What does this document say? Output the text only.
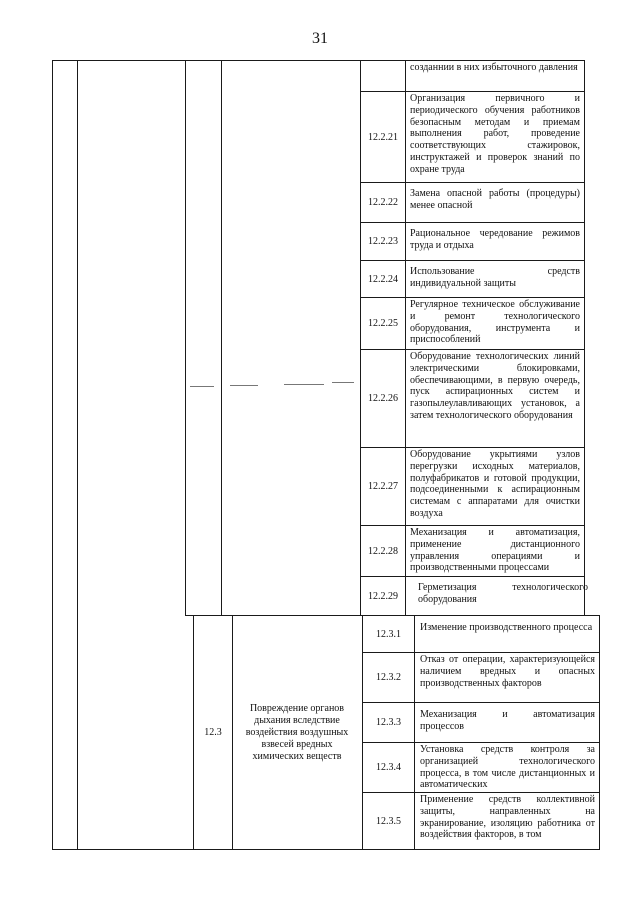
31
созданнии в них избыточного давления
12.2.21
Организация первичного и периодического обучения работников безопасным методам и приемам выполнения работ, проведение соответствующих стажировок, инструктажей и проверок знаний по охране труда
12.2.22
Замена опасной работы (процедуры) менее опасной
12.2.23
Рациональное чередование режимов труда и отдыха
12.2.24
Использование средств индивидуальной защиты
12.2.25
Регулярное техническое обслуживание и ремонт технологического оборудования, инструмента и приспособлений
12.2.26
Оборудование технологических линий электрическими блокировками, обеспечивающими, в первую очередь, пуск аспирационных систем и газопылеулавливающих установок, а затем технологического оборудования
12.2.27
Оборудование укрытиями узлов перегрузки исходных материалов, полуфабрикатов и готовой продукции, подсоединенными к аспирационным системам с аппаратами для очистки воздуха
12.2.28
Механизация и автоматизация, применение дистанционного управления операциями и производственными процессами
12.2.29
Герметизация технологического оборудования
12.3
Повреждение органов дыхания вследствие воздействия воздушных взвесей вредных химических веществ
12.3.1
Изменение производственного процесса
12.3.2
Отказ от операции, характеризующейся наличием вредных и опасных производственных факторов
12.3.3
Механизация и автоматизация процессов
12.3.4
Установка средств контроля за организацией технологического процесса, в том числе дистанционных и автоматических
12.3.5
Применение средств коллективной защиты, направленных на экранирование, изоляцию работника от воздействия факторов, в том
